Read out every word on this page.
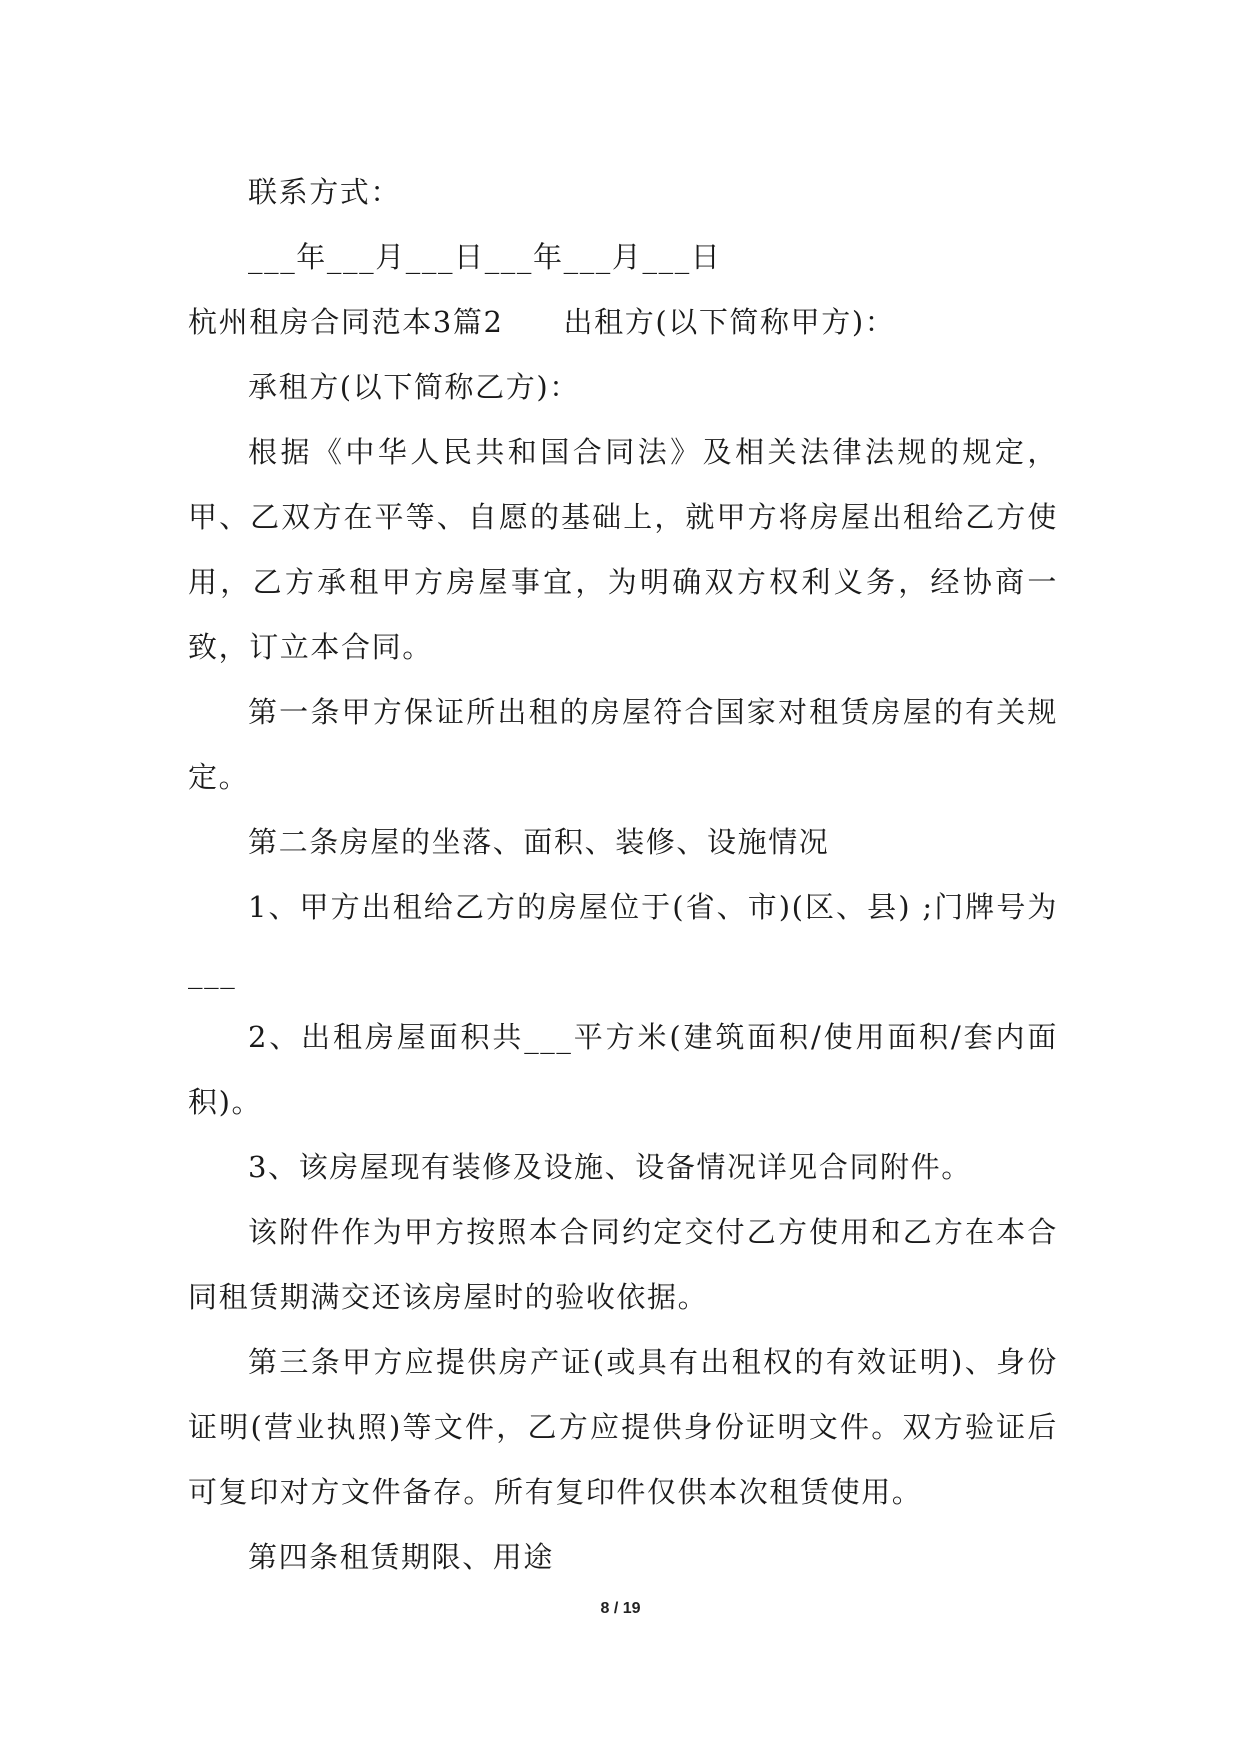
联系方式：

___年___月___日___年___月___日

杭州租房合同范本3篇2 出租方(以下简称甲方)：

承租方(以下简称乙方)：

根据《中华人民共和国合同法》及相关法律法规的规定，甲、乙双方在平等、自愿的基础上，就甲方将房屋出租给乙方使用，乙方承租甲方房屋事宜，为明确双方权利义务，经协商一致，订立本合同。

第一条甲方保证所出租的房屋符合国家对租赁房屋的有关规定。

第二条房屋的坐落、面积、装修、设施情况

1、甲方出租给乙方的房屋位于(省、市)(区、县) ;门牌号为___

2、出租房屋面积共___平方米(建筑面积/使用面积/套内面积)。

3、该房屋现有装修及设施、设备情况详见合同附件。

该附件作为甲方按照本合同约定交付乙方使用和乙方在本合同租赁期满交还该房屋时的验收依据。

第三条甲方应提供房产证(或具有出租权的有效证明)、身份证明(营业执照)等文件，乙方应提供身份证明文件。双方验证后可复印对方文件备存。所有复印件仅供本次租赁使用。

第四条租赁期限、用途

8 / 19
